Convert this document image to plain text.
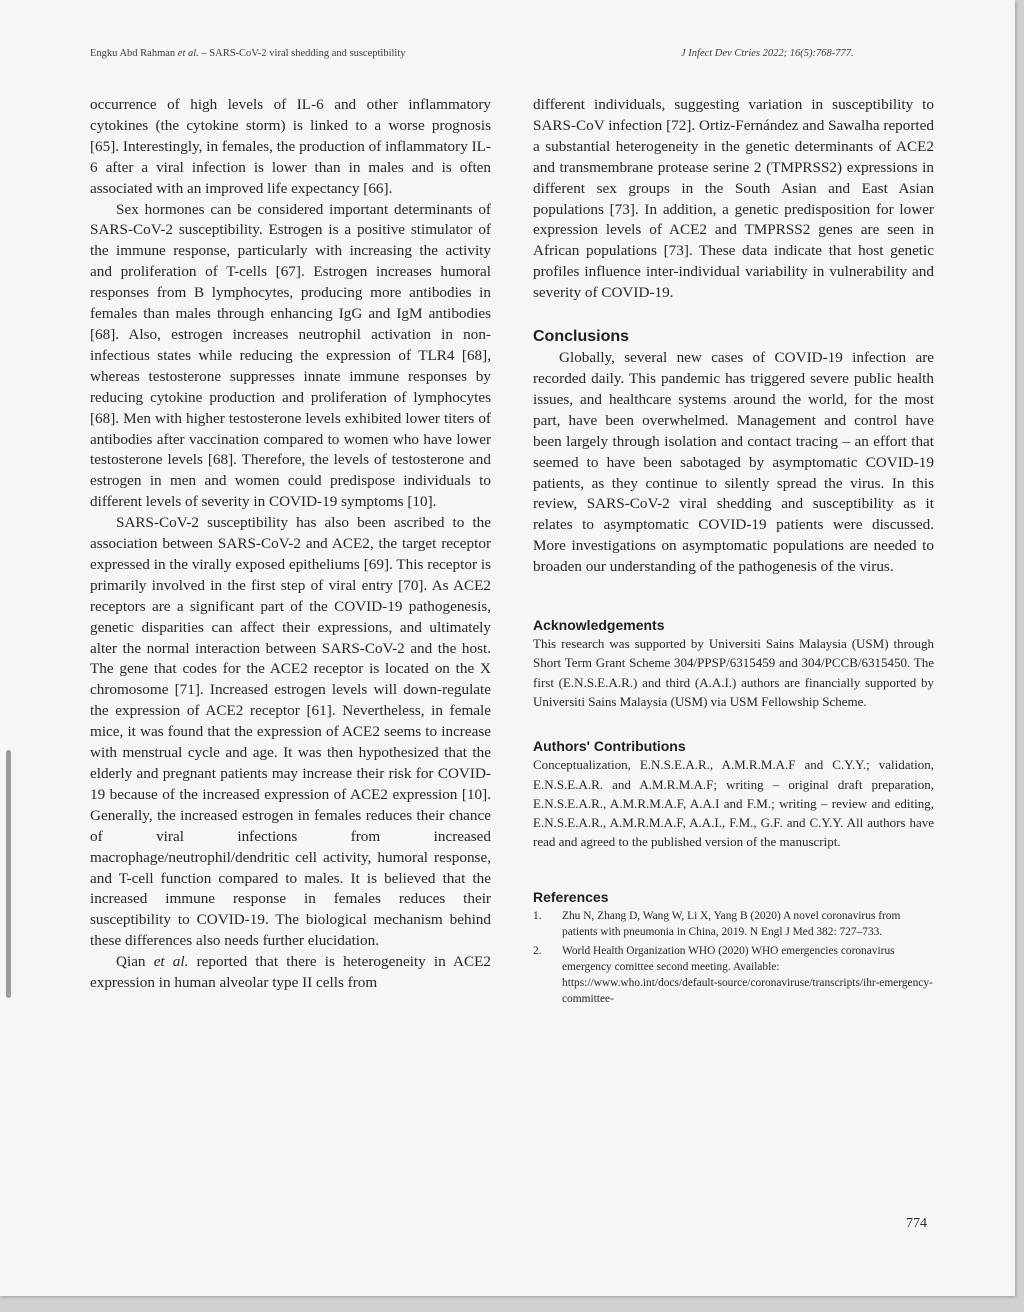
Engku Abd Rahman et al. – SARS-CoV-2 viral shedding and susceptibility	J Infect Dev Ctries 2022; 16(5):768-777.

occurrence of high levels of IL-6 and other inflammatory cytokines (the cytokine storm) is linked to a worse prognosis [65]. Interestingly, in females, the production of inflammatory IL-6 after a viral infection is lower than in males and is often associated with an improved life expectancy [66].

Sex hormones can be considered important determinants of SARS-CoV-2 susceptibility. Estrogen is a positive stimulator of the immune response, particularly with increasing the activity and proliferation of T-cells [67]. Estrogen increases humoral responses from B lymphocytes, producing more antibodies in females than males through enhancing IgG and IgM antibodies [68]. Also, estrogen increases neutrophil activation in non-infectious states while reducing the expression of TLR4 [68], whereas testosterone suppresses innate immune responses by reducing cytokine production and proliferation of lymphocytes [68]. Men with higher testosterone levels exhibited lower titers of antibodies after vaccination compared to women who have lower testosterone levels [68]. Therefore, the levels of testosterone and estrogen in men and women could predispose individuals to different levels of severity in COVID-19 symptoms [10].

SARS-CoV-2 susceptibility has also been ascribed to the association between SARS-CoV-2 and ACE2, the target receptor expressed in the virally exposed epitheliums [69]. This receptor is primarily involved in the first step of viral entry [70]. As ACE2 receptors are a significant part of the COVID-19 pathogenesis, genetic disparities can affect their expressions, and ultimately alter the normal interaction between SARS-CoV-2 and the host. The gene that codes for the ACE2 receptor is located on the X chromosome [71]. Increased estrogen levels will down-regulate the expression of ACE2 receptor [61]. Nevertheless, in female mice, it was found that the expression of ACE2 seems to increase with menstrual cycle and age. It was then hypothesized that the elderly and pregnant patients may increase their risk for COVID-19 because of the increased expression of ACE2 expression [10]. Generally, the increased estrogen in females reduces their chance of viral infections from increased macrophage/neutrophil/dendritic cell activity, humoral response, and T-cell function compared to males. It is believed that the increased immune response in females reduces their susceptibility to COVID-19. The biological mechanism behind these differences also needs further elucidation.

Qian et al. reported that there is heterogeneity in ACE2 expression in human alveolar type II cells from

different individuals, suggesting variation in susceptibility to SARS-CoV infection [72]. Ortiz-Fernández and Sawalha reported a substantial heterogeneity in the genetic determinants of ACE2 and transmembrane protease serine 2 (TMPRSS2) expressions in different sex groups in the South Asian and East Asian populations [73]. In addition, a genetic predisposition for lower expression levels of ACE2 and TMPRSS2 genes are seen in African populations [73]. These data indicate that host genetic profiles influence inter-individual variability in vulnerability and severity of COVID-19.

Conclusions

Globally, several new cases of COVID-19 infection are recorded daily. This pandemic has triggered severe public health issues, and healthcare systems around the world, for the most part, have been overwhelmed. Management and control have been largely through isolation and contact tracing – an effort that seemed to have been sabotaged by asymptomatic COVID-19 patients, as they continue to silently spread the virus. In this review, SARS-CoV-2 viral shedding and susceptibility as it relates to asymptomatic COVID-19 patients were discussed. More investigations on asymptomatic populations are needed to broaden our understanding of the pathogenesis of the virus.

Acknowledgements

This research was supported by Universiti Sains Malaysia (USM) through Short Term Grant Scheme 304/PPSP/6315459 and 304/PCCB/6315450. The first (E.N.S.E.A.R.) and third (A.A.I.) authors are financially supported by Universiti Sains Malaysia (USM) via USM Fellowship Scheme.

Authors' Contributions

Conceptualization, E.N.S.E.A.R., A.M.R.M.A.F and C.Y.Y.; validation, E.N.S.E.A.R. and A.M.R.M.A.F; writing – original draft preparation, E.N.S.E.A.R., A.M.R.M.A.F, A.A.I and F.M.; writing – review and editing, E.N.S.E.A.R., A.M.R.M.A.F, A.A.I., F.M., G.F. and C.Y.Y. All authors have read and agreed to the published version of the manuscript.

References
1. Zhu N, Zhang D, Wang W, Li X, Yang B (2020) A novel coronavirus from patients with pneumonia in China, 2019. N Engl J Med 382: 727–733.
2. World Health Organization WHO (2020) WHO emergencies coronavirus emergency comittee second meeting. Available: https://www.who.int/docs/default-source/coronaviruse/transcripts/ihr-emergency-committee-
774
